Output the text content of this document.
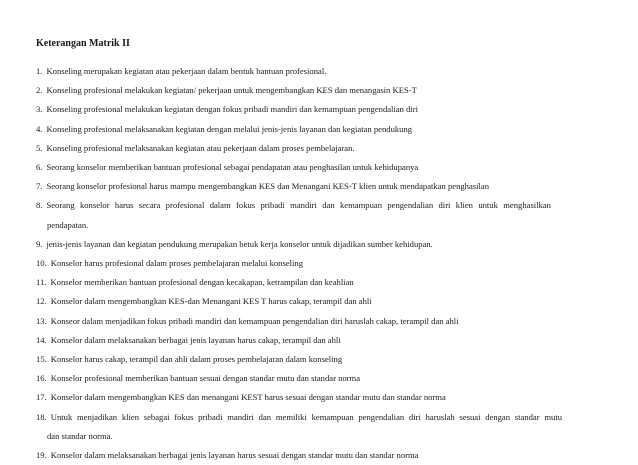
Keterangan Matrik II
1. Konseling merupakan kegiatan atau pekerjaan dalam bentuk bantuan profesional.
2. Konseling profesional melakukan kegiatan/ pekerjaan untuk mengembangkan KES dan menangasin KES-T
3. Konseling profesional melakukan kegiatan dengan fokus pribadi mandiri dan kemampuan pengendalian diri
4. Konseling profesional melaksanakan kegiatan dengan melalui jenis-jenis layanan dan kegiatan pendukung
5. Konseling profesional melaksanakan kegiatan atau pekerjaan dalam proses pembelajaran.
6. Seorang konselor memberikan bantuan profesional sebagai pendapatan atau penghasilan untuk kehidupanya
7. Seorang konselor profesional harus mampu mengembangkan KES dan Menangani KES-T klien untuk mendapatkan penghasilan
8. Seorang konselor harus secara profesional dalam fokus pribadi mandiri dan kemampuan pengendalian diri klien untuk menghasilkan
pendapatan.
9. jenis-jenis layanan dan kegiatan pendukung merupakan betuk kerja konselor untuk dijadikan sumber kehidupan.
10. Konselor harus profesional dalam proses pembelajaran melalui konseling
11. Konselor memberikan bantuan profesional dengan kecakapan, ketrampilan dan keahlian
12. Konselor dalam mengembangkan KES-dan Menangani KES T harus cakap, terampil dan ahli
13. Konseor dalam menjadikan fokus pribadi mandiri dan kemampuan pengendalian diri haruslah cakap, terampil dan ahli
14. Konselor dalam melaksanakan berbagai jenis layanan harus cakap, terampil dan ahli
15. Konselor harus cakap, terampil dan ahli dalam proses pembelajaran dalam konseling
16. Konselor profesional memberikan bantuan sesuai dengan standar mutu dan standar norma
17. Konselor dalam mengembangkan KES dan menangani KEST harus sesuai dengan standar mutu dan standar norma
18. Untuk menjadikan klien sebagai fokus pribadi mandiri dan memiliki kemampuan pengendalian diri haruslah sesuai dengan standar mutu
dan standar norma.
19. Konselor dalam melaksanakan berbagai jenis layanan harus sesuai dengan standar mutu dan standar norma
